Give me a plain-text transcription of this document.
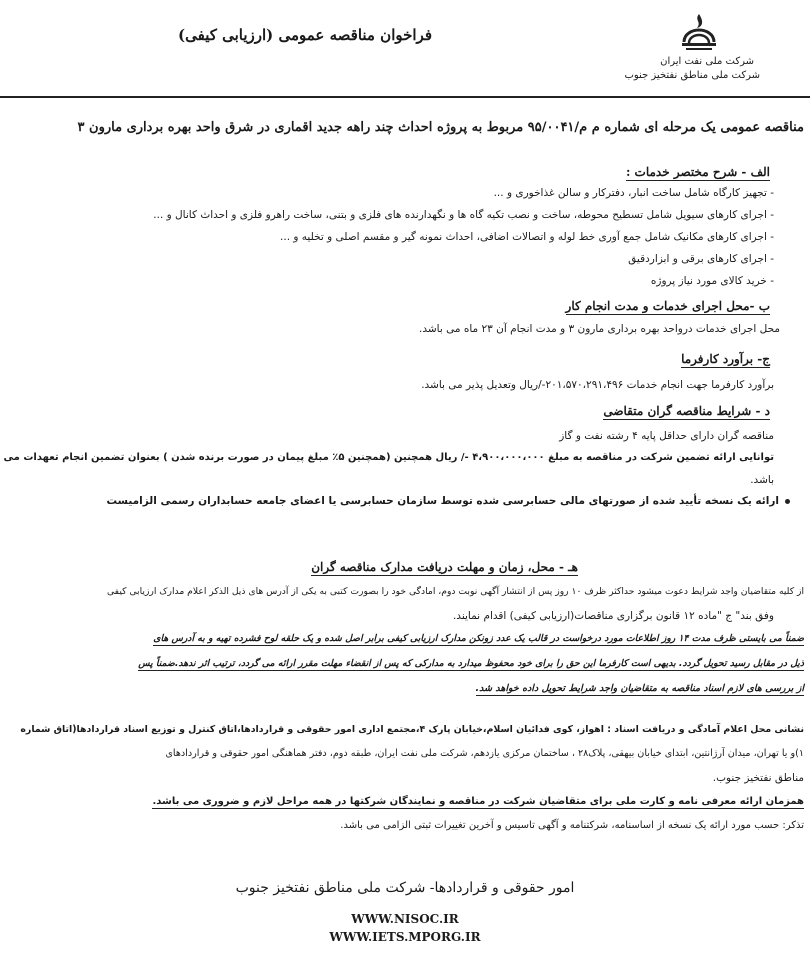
شرکت ملی نفت ایران
شرکت ملی مناطق نفتخیز جنوب
فراخوان مناقصه عمومی (ارزیابی کیفی)
مناقصه عمومی یک مرحله ای شماره م م/۹۵/۰۰۴۱ مربوط به پروژه احداث چند راهه جدید اقماری در شرق واحد بهره برداری مارون ۳
الف - شرح مختصر خدمات :
- تجهیز کارگاه شامل ساخت انبار، دفترکار و سالن غذاخوری و ...
- اجرای کارهای سیویل شامل تسطیح محوطه، ساخت و نصب تکیه گاه ها و نگهدارنده های فلزی و بتنی، ساخت راهرو فلزی و احداث کانال و ...
- اجرای کارهای مکانیک شامل جمع آوری خط لوله و اتصالات اضافی، احداث نمونه گیر و مقسم اصلی و تخلیه و ...
- اجرای کارهای برقی و ابزاردقیق
- خرید کالای مورد نیاز پروژه
ب -محل اجرای خدمات و مدت انجام کار
محل اجرای خدمات درواحد بهره برداری مارون ۳ و مدت انجام آن ۲۳ ماه می باشد.
ج- برآورد کارفرما
برآورد کارفرما جهت انجام خدمات ۲۰۱،۵۷۰،۲۹۱،۴۹۶-/ریال وتعدیل پذیر می باشد.
د - شرایط مناقصه گران متقاضی
مناقصه گران دارای حداقل پایه ۴ رشته نفت و گاز
توانایی ارائه تضمین شرکت در مناقصه به مبلغ ۴،۹۰۰،۰۰۰،۰۰۰ -/ ریال همچنین (همچنین ۵٪ مبلغ پیمان در صورت برنده شدن ) بعنوان تضمین انجام تعهدات می
باشد.
ارائه یک نسخه تأیید شده از صورتهای مالی حسابرسی شده توسط سازمان حسابرسی یا اعضای جامعه حسابداران رسمی الزامیست
هـ - محل، زمان و مهلت دریافت مدارک مناقصه گران
از کلیه متقاضیان واجد شرایط دعوت میشود حداکثر ظرف ۱۰ روز پس از انتشار آگهی نوبت دوم، امادگی خود را بصورت کتبی به یکی از آدرس های ذیل الذکر اعلام مدارک ارزیابی کیفی
وفق بند" ج "ماده ۱۲ قانون برگزاری مناقصات(ارزیابی کیفی) اقدام نمایند.
ضمناً می بایستی ظرف مدت ۱۴ روز اطلاعات مورد درخواست در قالب یک عدد زونکن مدارک ارزیابی کیفی برابر اصل شده و یک حلقه لوح فشرده تهیه و به آدرس های
ذیل در مقابل رسید تحویل گردد. بدیهی است کارفرما این حق را برای خود محفوظ میدارد به مدارکی که پس از انقضاء مهلت مقرر ارائه می گردد، ترتیب اثر ندهد.ضمناً پس
از بررسی های لازم اسناد مناقصه به متقاضیان واجد شرایط تحویل داده خواهد شد.
نشانی محل اعلام آمادگی و دریافت اسناد : اهواز، کوی فدائیان اسلام،خیابان پارک ۴،مجتمع اداری امور حقوقی و قراردادها،اتاق کنترل و توزیع اسناد قراردادها(اتاق شماره
۱)و یا تهران، میدان آرژانتین، ابتدای خیابان بیهقی، پلاک۲۸ ، ساختمان مرکزی یازدهم، شرکت ملی نفت ایران، طبقه دوم، دفتر هماهنگی امور حقوقی و قراردادهای
مناطق نفتخیز جنوب.
همزمان ارائه معرفی نامه و کارت ملی برای متقاضیان شرکت در مناقصه و نمایندگان شرکتها در همه مراحل لازم و ضروری می باشد.
تذکر: حسب مورد ارائه یک نسخه از اساسنامه، شرکتنامه و آگهی تاسیس و آخرین تغییرات ثبتی الزامی می باشد.
امور حقوقی و قراردادها- شرکت ملی مناطق نفتخیز جنوب
WWW.NISOC.IR
WWW.IETS.MPORG.IR
